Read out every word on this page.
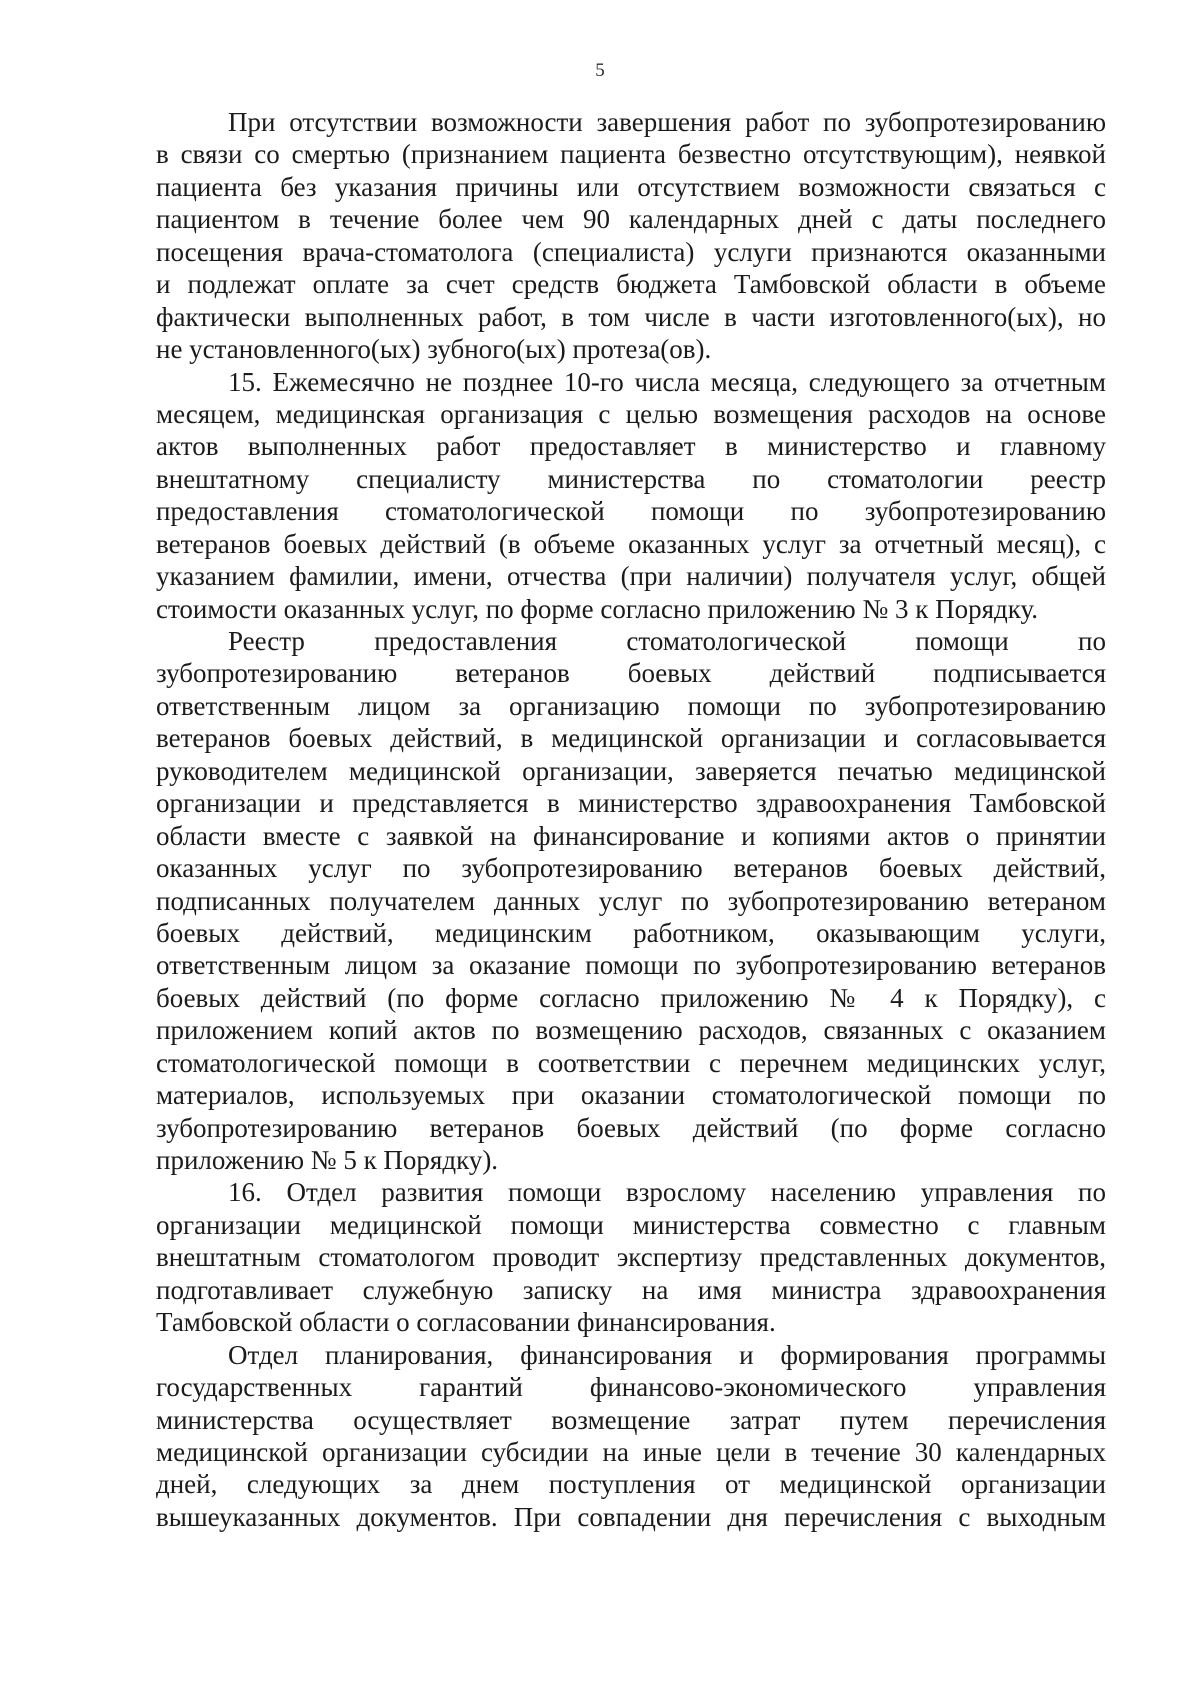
5
При отсутствии возможности завершения работ по зубопротезированию
в связи со смертью (признанием пациента безвестно отсутствующим), неявкой
пациента без указания причины или отсутствием возможности связаться с
пациентом в течение более чем 90 календарных дней с даты последнего
посещения врача-стоматолога (специалиста) услуги признаются оказанными
и подлежат оплате за счет средств бюджета Тамбовской области в объеме
фактически выполненных работ, в том числе в части изготовленного(ых), но
не установленного(ых) зубного(ых) протеза(ов).
15. Ежемесячно не позднее 10-го числа месяца, следующего за отчетным
месяцем, медицинская организация с целью возмещения расходов на основе
актов выполненных работ предоставляет в министерство и главному
внештатному специалисту министерства по стоматологии реестр
предоставления стоматологической помощи по зубопротезированию
ветеранов боевых действий (в объеме оказанных услуг за отчетный месяц), с
указанием фамилии, имени, отчества (при наличии) получателя услуг, общей
стоимости оказанных услуг, по форме согласно приложению № 3 к Порядку.
Реестр предоставления стоматологической помощи по
зубопротезированию ветеранов боевых действий подписывается
ответственным лицом за организацию помощи по зубопротезированию
ветеранов боевых действий, в медицинской организации и согласовывается
руководителем медицинской организации, заверяется печатью медицинской
организации и представляется в министерство здравоохранения Тамбовской
области вместе с заявкой на финансирование и копиями актов о принятии
оказанных услуг по зубопротезированию ветеранов боевых действий,
подписанных получателем данных услуг по зубопротезированию ветераном
боевых действий, медицинским работником, оказывающим услуги,
ответственным лицом за оказание помощи по зубопротезированию ветеранов
боевых действий (по форме согласно приложению № 4 к Порядку), с
приложением копий актов по возмещению расходов, связанных с оказанием
стоматологической помощи в соответствии с перечнем медицинских услуг,
материалов, используемых при оказании стоматологической помощи по
зубопротезированию ветеранов боевых действий (по форме согласно
приложению № 5 к Порядку).
16. Отдел развития помощи взрослому населению управления по
организации медицинской помощи министерства совместно с главным
внештатным стоматологом проводит экспертизу представленных документов,
подготавливает служебную записку на имя министра здравоохранения
Тамбовской области о согласовании финансирования.
Отдел планирования, финансирования и формирования программы
государственных гарантий финансово-экономического управления
министерства осуществляет возмещение затрат путем перечисления
медицинской организации субсидии на иные цели в течение 30 календарных
дней, следующих за днем поступления от медицинской организации
вышеуказанных документов. При совпадении дня перечисления с выходным
